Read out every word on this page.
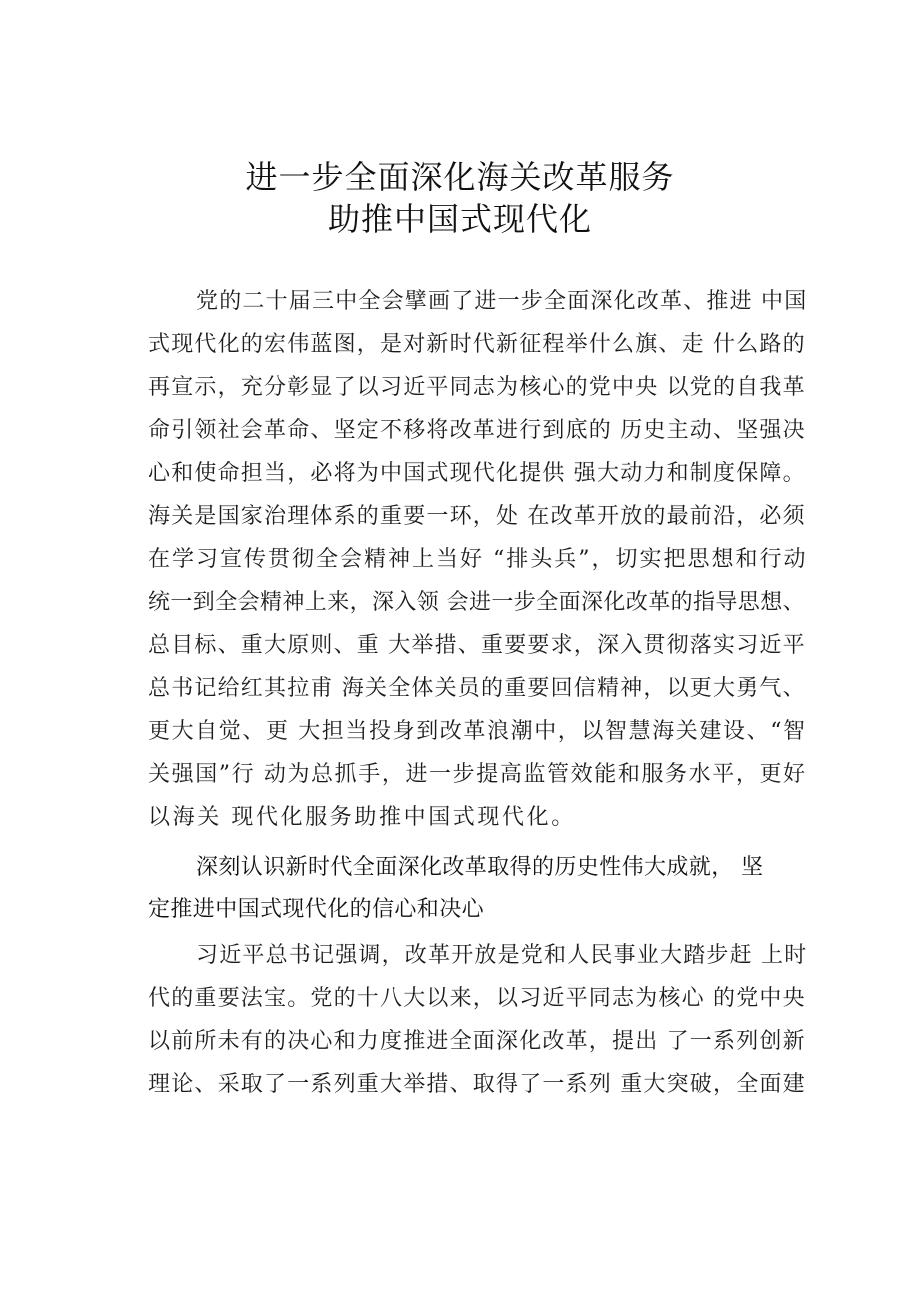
进一步全面深化海关改革服务
助推中国式现代化
党的二十届三中全会擘画了进一步全面深化改革、推进 中国
式现代化的宏伟蓝图，是对新时代新征程举什么旗、走 什么路的
再宣示，充分彰显了以习近平同志为核心的党中央 以党的自我革
命引领社会革命、坚定不移将改革进行到底的 历史主动、坚强决
心和使命担当，必将为中国式现代化提供 强大动力和制度保障。
海关是国家治理体系的重要一环，处 在改革开放的最前沿，必须
在学习宣传贯彻全会精神上当好 “排头兵”，切实把思想和行动
统一到全会精神上来，深入领 会进一步全面深化改革的指导思想、
总目标、重大原则、重 大举措、重要要求，深入贯彻落实习近平
总书记给红其拉甫 海关全体关员的重要回信精神，以更大勇气、
更大自觉、更 大担当投身到改革浪潮中，以智慧海关建设、“智
关强国”行 动为总抓手，进一步提高监管效能和服务水平，更好
以海关 现代化服务助推中国式现代化。
深刻认识新时代全面深化改革取得的历史性伟大成就， 坚
定推进中国式现代化的信心和决心
习近平总书记强调，改革开放是党和人民事业大踏步赶 上时
代的重要法宝。党的十八大以来，以习近平同志为核心 的党中央
以前所未有的决心和力度推进全面深化改革，提出 了一系列创新
理论、采取了一系列重大举措、取得了一系列 重大突破，全面建
